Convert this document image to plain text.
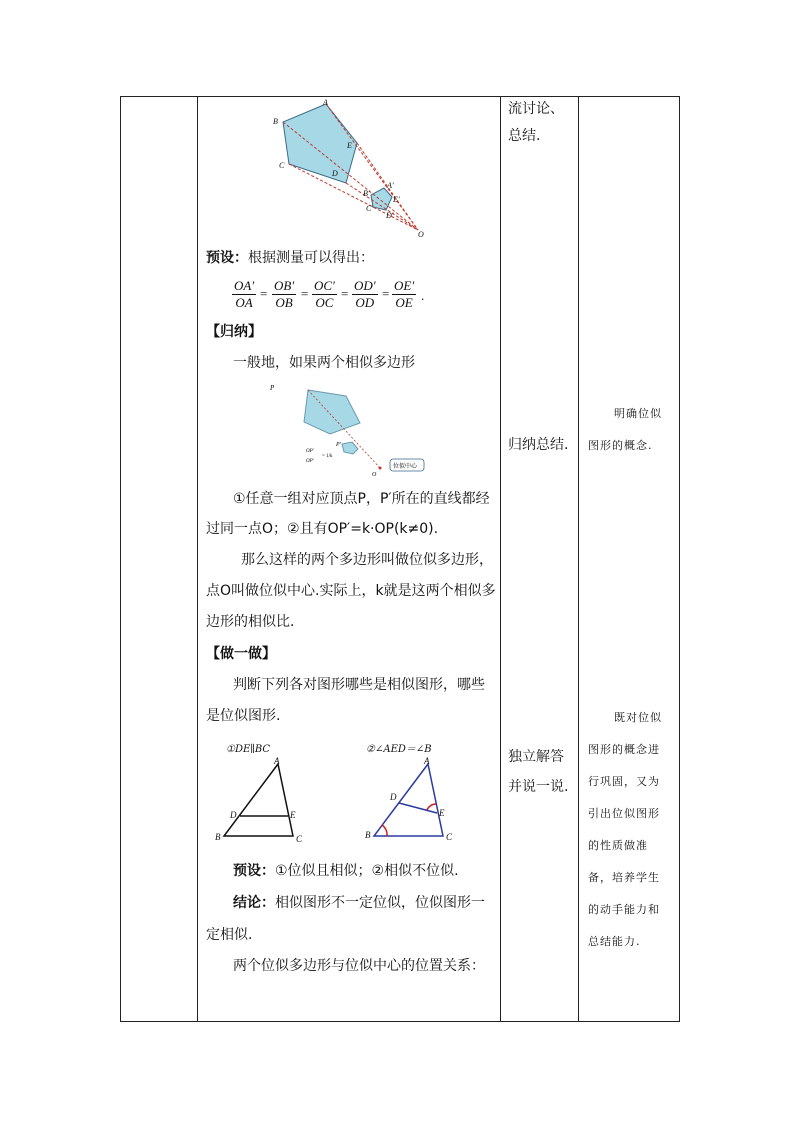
A
B
C
D
E
A'
B'
C'
D'
E'
O
预设：根据测量可以得出：
$\frac{OA'}{OA} = \frac{OB'}{OB} = \frac{OC'}{OC} = \frac{OD'}{OD} = \frac{OE'}{OE}$ .
【归纳】
一般地，如果两个相似多边形
P
P′
O
OP′
OP′
= 1/k
位似中心
①任意一组对应顶点P，P′所在的直线都经
过同一点O；②且有OP′=k·OP(k≠0).
那么这样的两个多边形叫做位似多边形，
点O叫做位似中心.实际上，k就是这两个相似多
边形的相似比.
【做一做】
判断下列各对图形哪些是相似图形，哪些
是位似图形.
①DE∥BC
A
D	E
B	C
②∠AED＝∠B
A
D
E
B	C
预设：①位似且相似；②相似不位似.
结论：相似图形不一定位似，位似图形一
定相似.
两个位似多边形与位似中心的位置关系：
流讨论、
总结.
归纳总结.
独立解答
并说一说.
明确位似
图形的概念.
既对位似
图形的概念进
行巩固，又为
引出位似图形
的性质做准
备，培养学生
的动手能力和
总结能力.
